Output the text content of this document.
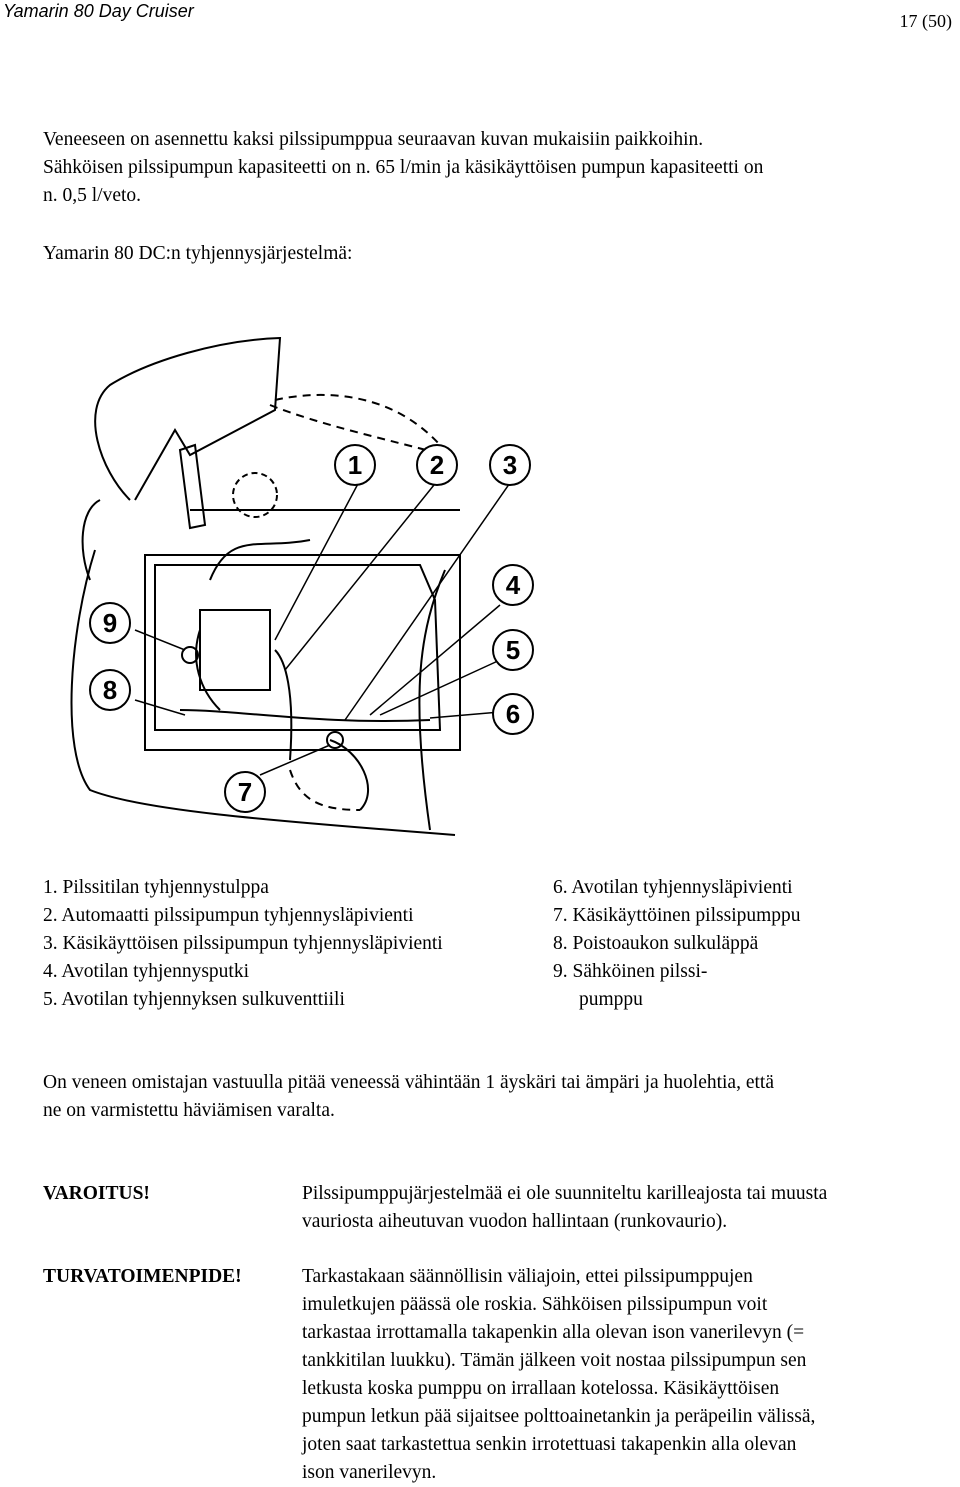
Yamarin 80 Day Cruiser	17 (50)
Veneeseen on asennettu kaksi pilssipumppua seuraavan kuvan mukaisiin paikkoihin.
Sähköisen pilssipumpun kapasiteetti on n. 65 l/min ja käsikäyttöisen pumpun kapasiteetti on
n. 0,5 l/veto.
Yamarin 80 DC:n tyhjennysjärjestelmä:
1	2 3
4
5
6
7
8
9
1. Pilssitilan tyhjennystulppa
2. Automaatti pilssipumpun tyhjennysläpivienti
3. Käsikäyttöisen pilssipumpun tyhjennysläpivienti
4. Avotilan tyhjennysputki
5. Avotilan tyhjennyksen sulkuventtiili
6. Avotilan tyhjennysläpivienti
7. Käsikäyttöinen pilssipumppu
8. Poistoaukon sulkuläppä
9. Sähköinen pilssi-
pumppu
On veneen omistajan vastuulla pitää veneessä vähintään 1 äyskäri tai ämpäri ja huolehtia, että
ne on varmistettu häviämisen varalta.
VAROITUS!	Pilssipumppujärjestelmää ei ole suunniteltu karilleajosta tai muusta
vauriosta aiheutuvan vuodon hallintaan (runkovaurio).
TURVATOIMENPIDE!	Tarkastakaan säännöllisin väliajoin, ettei pilssipumppujen
imuletkujen päässä ole roskia. Sähköisen pilssipumpun voit
tarkastaa irrottamalla takapenkin alla olevan ison vanerilevyn (=
tankkitilan luukku). Tämän jälkeen voit nostaa pilssipumpun sen
letkusta koska pumppu on irrallaan kotelossa. Käsikäyttöisen
pumpun letkun pää sijaitsee polttoainetankin ja peräpeilin välissä,
joten saat tarkastettua senkin irrotettuasi takapenkin alla olevan
ison vanerilevyn.
